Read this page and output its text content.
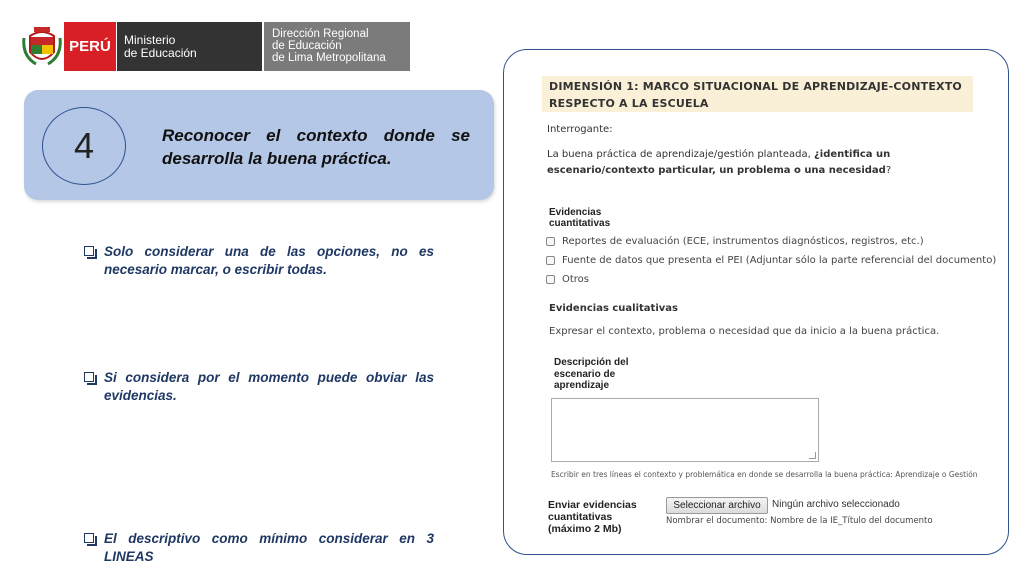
PERÚ Ministerio
de Educación
Dirección Regional
de Educación
de Lima Metropolitana
4	Reconocer el contexto donde se desarrolla la buena práctica.
Solo considerar una de las opciones, no es necesario marcar, o escribir todas.
Si considera por el momento puede obviar las evidencias.
El descriptivo como mínimo considerar en 3 LINEAS
DIMENSIÓN 1: MARCO SITUACIONAL DE APRENDIZAJE-CONTEXTO
RESPECTO A LA ESCUELA
Interrogante:
La buena práctica de aprendizaje/gestión planteada, ¿identifica un escenario/contexto particular, un problema o una necesidad?
Evidencias
cuantitativas
Reportes de evaluación (ECE, instrumentos diagnósticos, registros, etc.)
Fuente de datos que presenta el PEI (Adjuntar sólo la parte referencial del documento)
Otros
Evidencias cualitativas
Expresar el contexto, problema o necesidad que da inicio a la buena práctica.
Descripción del
escenario de
aprendizaje
Escribir en tres líneas el contexto y problemática en donde se desarrolla la buena práctica: Aprendizaje o Gestión
Enviar evidencias
cuantitativas
(máximo 2 Mb)
Seleccionar archivo	Ningún archivo seleccionado
Nombrar el documento: Nombre de la IE_Título del documento
